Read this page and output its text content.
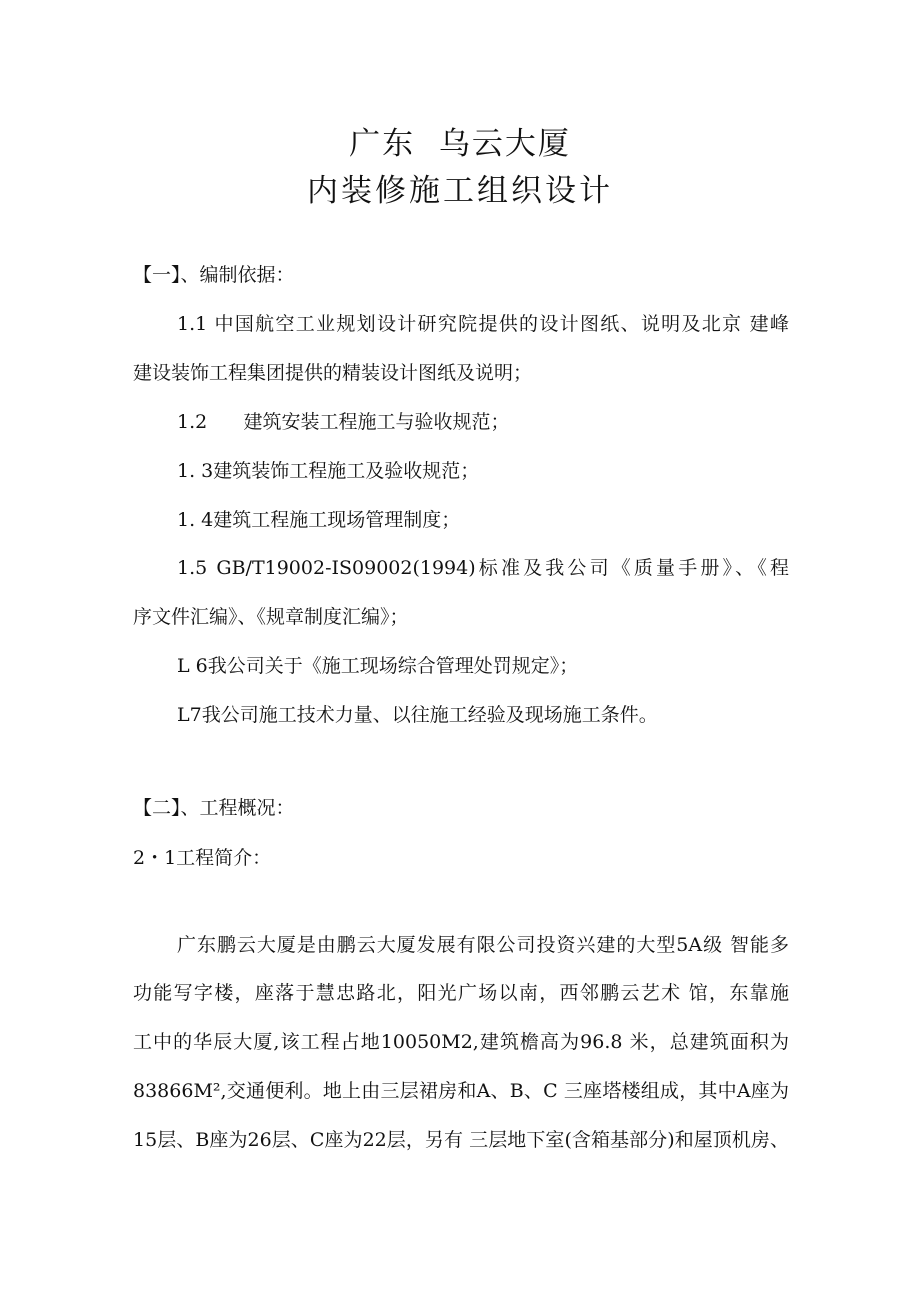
广东  乌云大厦
内装修施工组织设计
【一】、编制依据：
1.1 中国航空工业规划设计研究院提供的设计图纸、说明及北京 建峰
建设装饰工程集团提供的精装设计图纸及说明；
1.2      建筑安装工程施工与验收规范；
1. 3建筑装饰工程施工及验收规范；
1. 4建筑工程施工现场管理制度；
1.5 GB/T19002-IS09002(1994)标准及我公司《质量手册》、《程
序文件汇编》、《规章制度汇编》；
L 6我公司关于《施工现场综合管理处罚规定》；
L7我公司施工技术力量、以往施工经验及现场施工条件。
【二】、工程概况：
2・1工程简介：
广东鹏云大厦是由鹏云大厦发展有限公司投资兴建的大型5A级 智能多
功能写字楼，座落于慧忠路北，阳光广场以南，西邻鹏云艺术 馆，东靠施
工中的华辰大厦,该工程占地10050M2,建筑檐高为96.8 米，总建筑面积为
83866M²,交通便利。地上由三层裙房和A、B、C 三座塔楼组成，其中A座为
15层、B座为26层、C座为22层，另有 三层地下室(含箱基部分)和屋顶机房、
